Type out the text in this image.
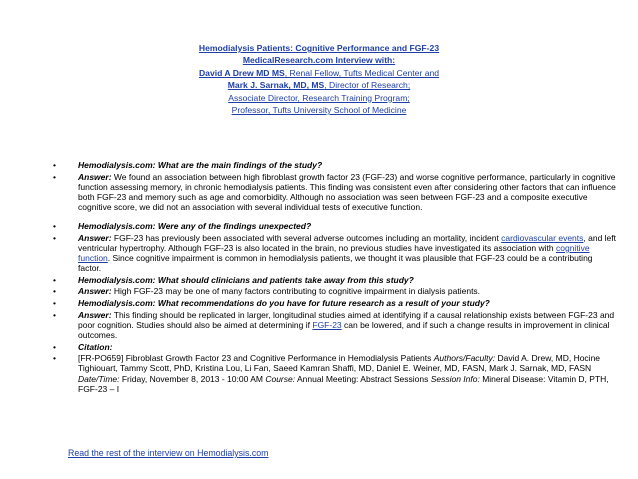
Hemodialysis Patients: Cognitive Performance and FGF-23
MedicalResearch.com Interview with:
David A Drew MD MS, Renal Fellow, Tufts Medical Center and
Mark J. Sarnak, MD, MS, Director of Research;
Associate Director, Research Training Program;
Professor, Tufts University School of Medicine
•	Hemodialysis.com: What are the main findings of the study?
•	Answer: We found an association between high fibroblast growth factor 23 (FGF-23) and worse cognitive performance, particularly in cognitive function assessing memory, in chronic hemodialysis patients. This finding was consistent even after considering other factors that can influence both FGF-23 and memory such as age and comorbidity. Although no association was seen between FGF-23 and a composite executive cognitive score, we did not an association with several individual tests of executive function.
•	Hemodialysis.com: Were any of the findings unexpected?
•	Answer: FGF-23 has previously been associated with several adverse outcomes including an mortality, incident cardiovascular events, and left ventricular hypertrophy. Although FGF-23 is also located in the brain, no previous studies have investigated its association with cognitive function. Since cognitive impairment is common in hemodialysis patients, we thought it was plausible that FGF-23 could be a contributing factor.
•	Hemodialysis.com: What should clinicians and patients take away from this study?
•	Answer: High FGF-23 may be one of many factors contributing to cognitive impairment in dialysis patients.
•	Hemodialysis.com: What recommendations do you have for future research as a result of your study?
•	Answer: This finding should be replicated in larger, longitudinal studies aimed at identifying if a causal relationship exists between FGF-23 and poor cognition. Studies should also be aimed at determining if FGF-23 can be lowered, and if such a change results in improvement in clinical outcomes.
•	Citation:
•	[FR-PO659] Fibroblast Growth Factor 23 and Cognitive Performance in Hemodialysis Patients Authors/Faculty: David A. Drew, MD, Hocine Tighiouart, Tammy Scott, PhD, Kristina Lou, Li Fan, Saeed Kamran Shaffi, MD, Daniel E. Weiner, MD, FASN, Mark J. Sarnak, MD, FASN Date/Time: Friday, November 8, 2013 - 10:00 AM Course: Annual Meeting: Abstract Sessions Session Info: Mineral Disease: Vitamin D, PTH, FGF-23 – I
Read the rest of the interview on Hemodialysis.com
